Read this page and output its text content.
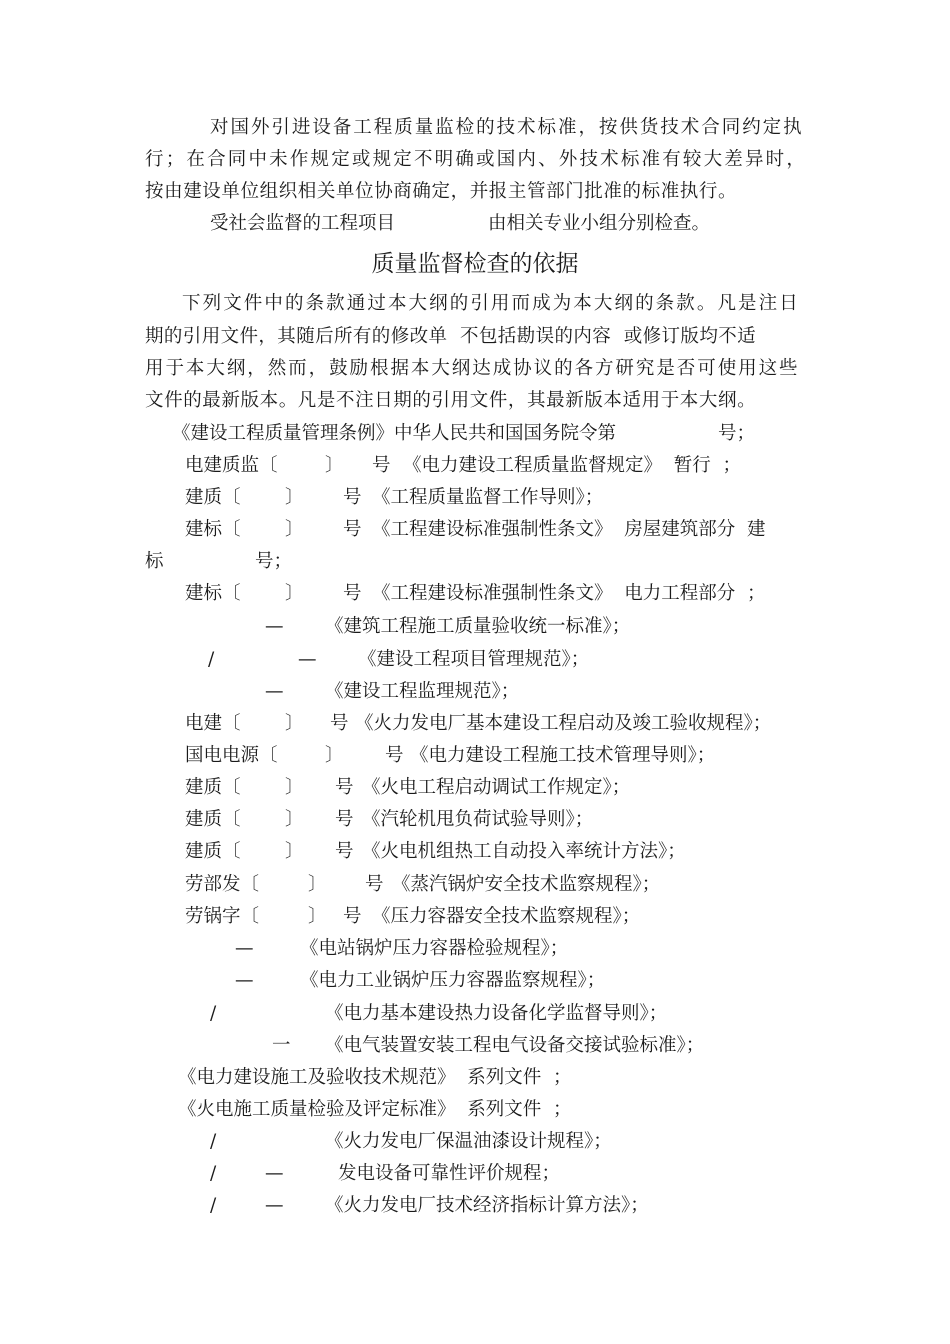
对 国 外 引 进 设 备 工 程 质 量 监 检 的 技 术 标 准 ， 按 供 货 技 术 合 同 约 定 执
行 ； 在 合 同 中 未 作 规 定 或 规 定 不 明 确 或 国 内 、 外 技 术 标 准 有 较 大 差 异 时 ，
按由建设单位组织相关单位协商确定，并报主管部门批准的标准执行。
受社会监督的工程项目	由相关专业小组分别检查。
质量监督检查的依据
下 列 文 件 中 的 条 款 通 过 本 大 纲 的 引 用 而 成 为 本 大 纲 的 条 款 。 凡 是 注 日
期的引用文件，其随后所有的修改单  不包括勘误的内容  或修订版均不适
用 于 本 大 纲 ， 然 而 ， 鼓 励 根 据 本 大 纲 达 成 协 议 的 各 方 研 究 是 否 可 使 用 这 些
文件的最新版本。凡是不注日期的引用文件，其最新版本适用于本大纲。
《建设工程质量管理条例》中华人民共和国国务院令第	号；
电建质监〔	〕 号 《电力建设工程质量监督规定》  暂行  ；
建质〔 〕 号 《工程质量监督工作导则》；
建标〔 〕 号 《工程建设标准强制性条文》  房屋建筑部分  建
标	号；
建标〔 〕 号 《工程建设标准强制性条文》  电力工程部分  ；
— 《建筑工程施工质量验收统一标准》；
/	— 《建设工程项目管理规范》；
— 《建设工程监理规范》；
电建〔 〕 号 《火力发电厂基本建设工程启动及竣工验收规程》；
国电电源〔	〕 号 《电力建设工程施工技术管理导则》；
建质〔 〕 号 《火电工程启动调试工作规定》；
建质〔 〕 号 《汽轮机甩负荷试验导则》；
建质〔 〕 号 《火电机组热工自动投入率统计方法》；
劳部发〔	〕 号 《蒸汽锅炉安全技术监察规程》；
劳锅字〔	〕 号 《压力容器安全技术监察规程》；
—	《电站锅炉压力容器检验规程》；
—	《电力工业锅炉压力容器监察规程》；
/	《电力基本建设热力设备化学监督导则》；
一 《电气装置安装工程电气设备交接试验标准》；
《电力建设施工及验收技术规范》  系列文件  ；
《火电施工质量检验及评定标准》  系列文件  ；
/	《火力发电厂保温油漆设计规程》；
/	—	发电设备可靠性评价规程；
/	— 《火力发电厂技术经济指标计算方法》；
